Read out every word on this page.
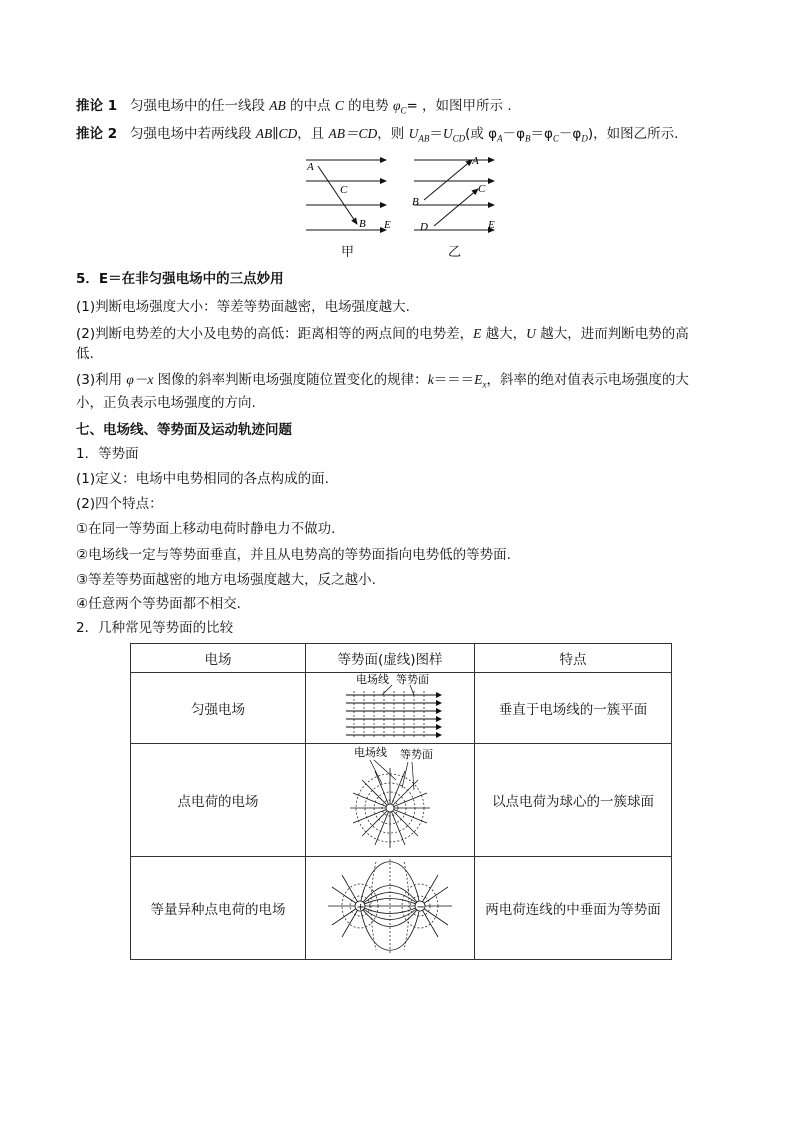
推论 1 匀强电场中的任一线段 AB 的中点 C 的电势 $\varphi_C=$ ，如图甲所示 .
推论 2 匀强电场中若两线段 AB∥CD，且 AB＝CD，则 $U_{AB}=U_{CD}$(或 $\varphi_A-\varphi_B=\varphi_C-\varphi_D$)，如图乙所示.
A
C
B E
甲
A
C
B
D	E
乙
5．E＝在非匀强电场中的三点妙用
(1)判断电场强度大小：等差等势面越密，电场强度越大.
(2)判断电势差的大小及电势的高低：距离相等的两点间的电势差，E 越大，U 越大，进而判断电势的高
低.
(3)利用 φ－x 图像的斜率判断电场强度随位置变化的规律：$k===E_x$，斜率的绝对值表示电场强度的大
小，正负表示电场强度的方向.
七、电场线、等势面及运动轨迹问题
1．等势面
(1)定义：电场中电势相同的各点构成的面.
(2)四个特点：
①在同一等势面上移动电荷时静电力不做功.
②电场线一定与等势面垂直，并且从电势高的等势面指向电势低的等势面.
③等差等势面越密的地方电场强度越大，反之越小.
④任意两个等势面都不相交.
2．几种常见等势面的比较
电场	等势面(虚线)图样	特点
匀强电场	电场线 等势面	垂直于电场线的一簇平面
点电荷的电场	电场线 等势面	以点电荷为球心的一簇球面
等量异种点电荷的电场	+ −	两电荷连线的中垂面为等势面
